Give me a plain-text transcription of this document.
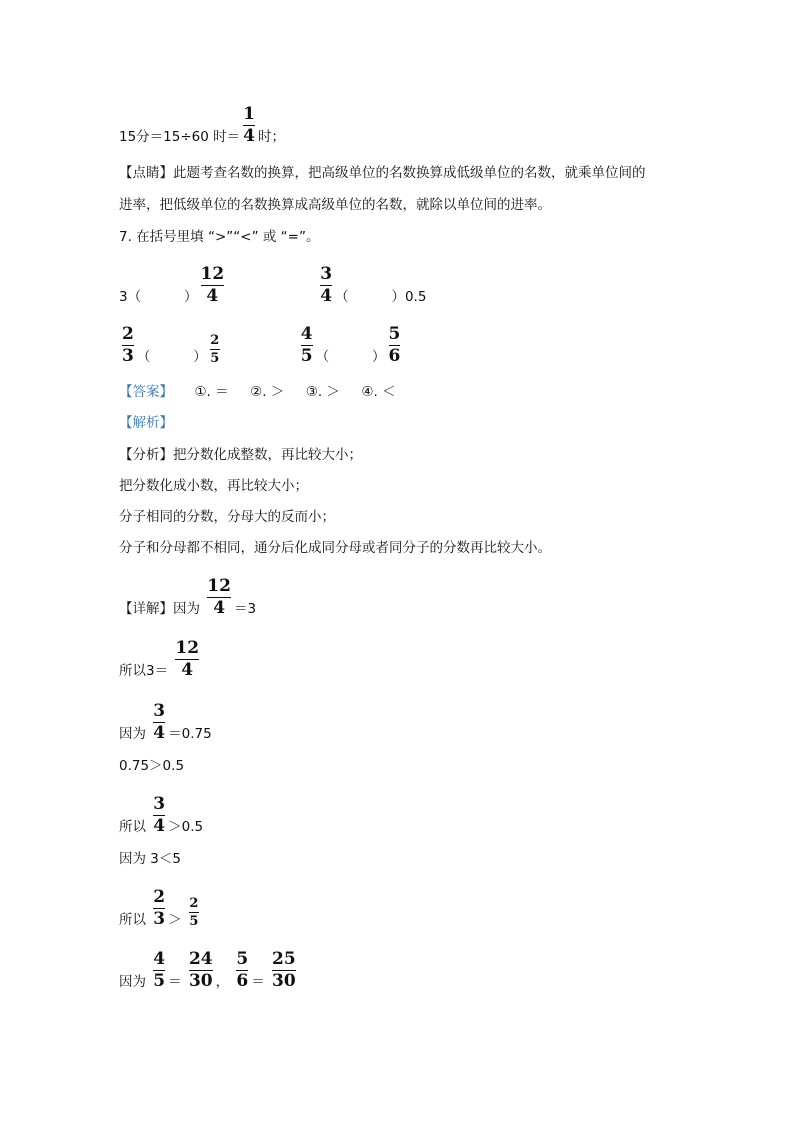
15分＝15÷60 时＝ $\frac{1}{4}$ 时；
【点睛】此题考查名数的换算，把高级单位的名数换算成低级单位的名数，就乘单位间的
进率，把低级单位的名数换算成高级单位的名数，就除以单位间的进率。
7. 在括号里填 “>”“<” 或 “=”。
3（          ） $\frac{12}{4}$	$\frac{3}{4}$ （          ）0.5
$\frac{2}{3}$ （          ） $\frac{2}{5}$	$\frac{4}{5}$ （          ） $\frac{5}{6}$
【答案】 ①. ＝     ②. ＞     ③. ＞     ④. ＜
【解析】
【分析】把分数化成整数，再比较大小；
把分数化成小数，再比较大小；
分子相同的分数，分母大的反而小；
分子和分母都不相同，通分后化成同分母或者同分子的分数再比较大小。
【详解】因为 $\frac{12}{4} =3$
所以$3= \frac{12}{4}$
因为 $\frac{3}{4} =0.75$
0.75＞0.5
所以 $\frac{3}{4} >0.5$
因为 3＜5
所以 $\frac{2}{3} > \frac{2}{5}$
因为 $\frac{4}{5} = \frac{24}{30}$ ， $\frac{5}{6} = \frac{25}{30}$
